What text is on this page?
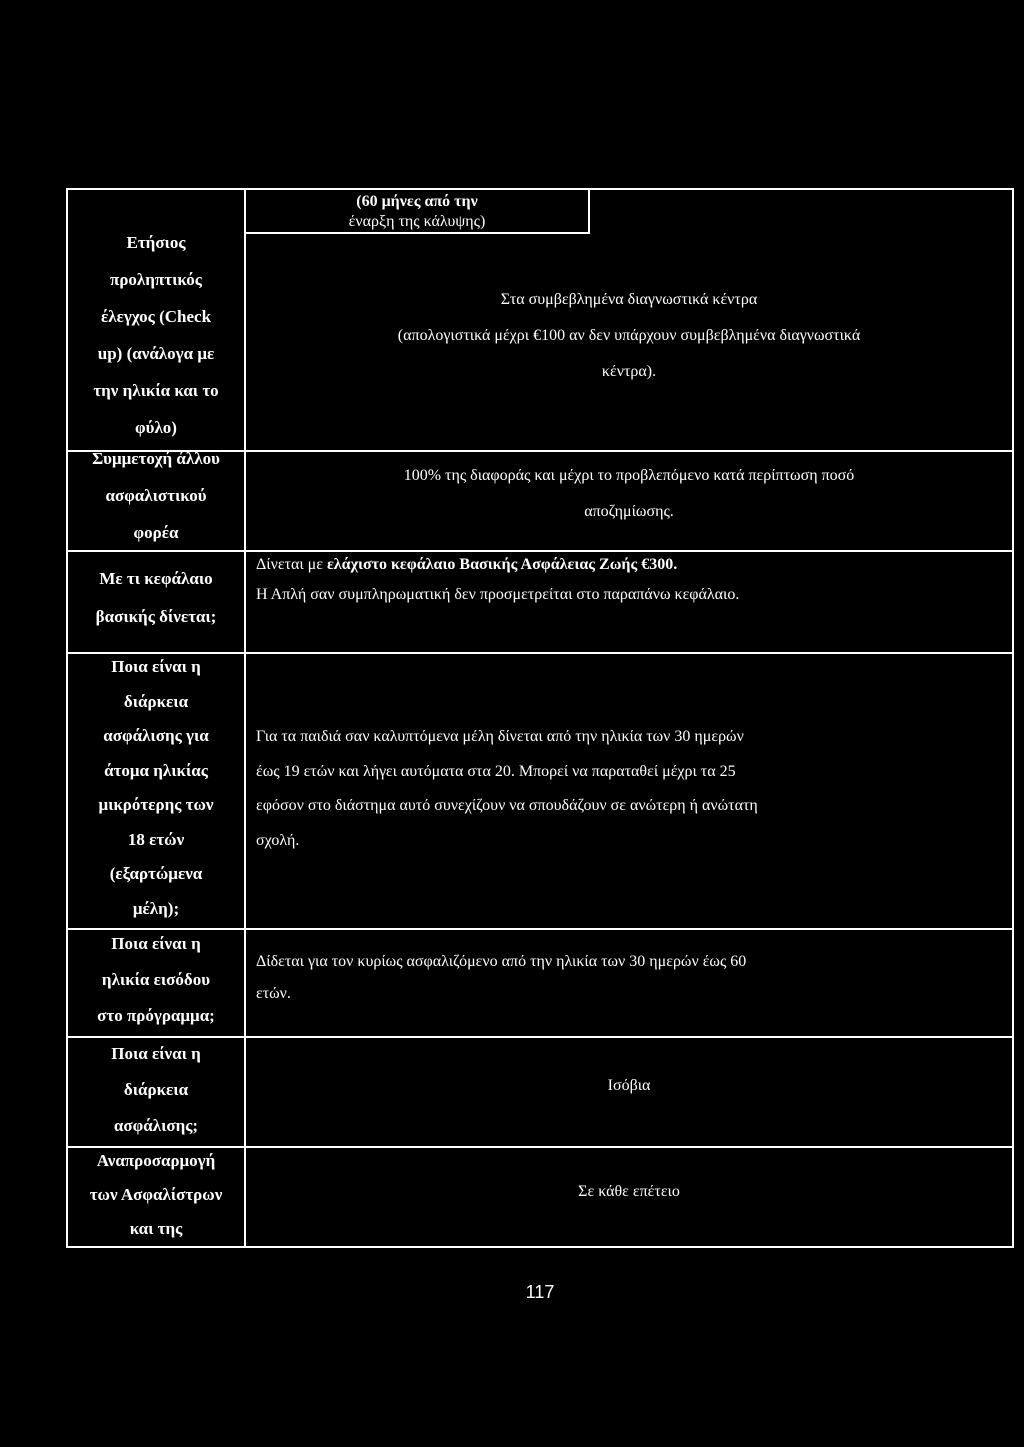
(60 μήνες από την
έναρξη της κάλυψης)
Ετήσιος
προληπτικός
έλεγχος (Check
up) (ανάλογα με
την ηλικία και το
φύλο)
Στα συμβεβλημένα διαγνωστικά κέντρα
(απολογιστικά μέχρι €100 αν δεν υπάρχουν συμβεβλημένα διαγνωστικά
κέντρα).
Συμμετοχή άλλου
ασφαλιστικού
φορέα
100% της διαφοράς και μέχρι το προβλεπόμενο κατά περίπτωση ποσό
αποζημίωσης.
Με τι κεφάλαιο
βασικής δίνεται;
Δίνεται με ελάχιστο κεφάλαιο Βασικής Ασφάλειας Ζωής €300.
Η Απλή σαν συμπληρωματική δεν προσμετρείται στο παραπάνω κεφάλαιο.
Ποια είναι η
διάρκεια
ασφάλισης για
άτομα ηλικίας
μικρότερης των
18 ετών
(εξαρτώμενα
μέλη);
Για τα παιδιά σαν καλυπτόμενα μέλη δίνεται από την ηλικία των 30 ημερών
έως 19 ετών και λήγει αυτόματα στα 20. Μπορεί να παραταθεί μέχρι τα 25
εφόσον στο διάστημα αυτό συνεχίζουν να σπουδάζουν σε ανώτερη ή ανώτατη
σχολή.
Ποια είναι η
ηλικία εισόδου
στο πρόγραμμα;
Δίδεται για τον κυρίως ασφαλιζόμενο από την ηλικία των 30 ημερών έως 60
ετών.
Ποια είναι η
διάρκεια
ασφάλισης;
Ισόβια
Αναπροσαρμογή
των Ασφαλίστρων
και της
Σε κάθε επέτειο
117
